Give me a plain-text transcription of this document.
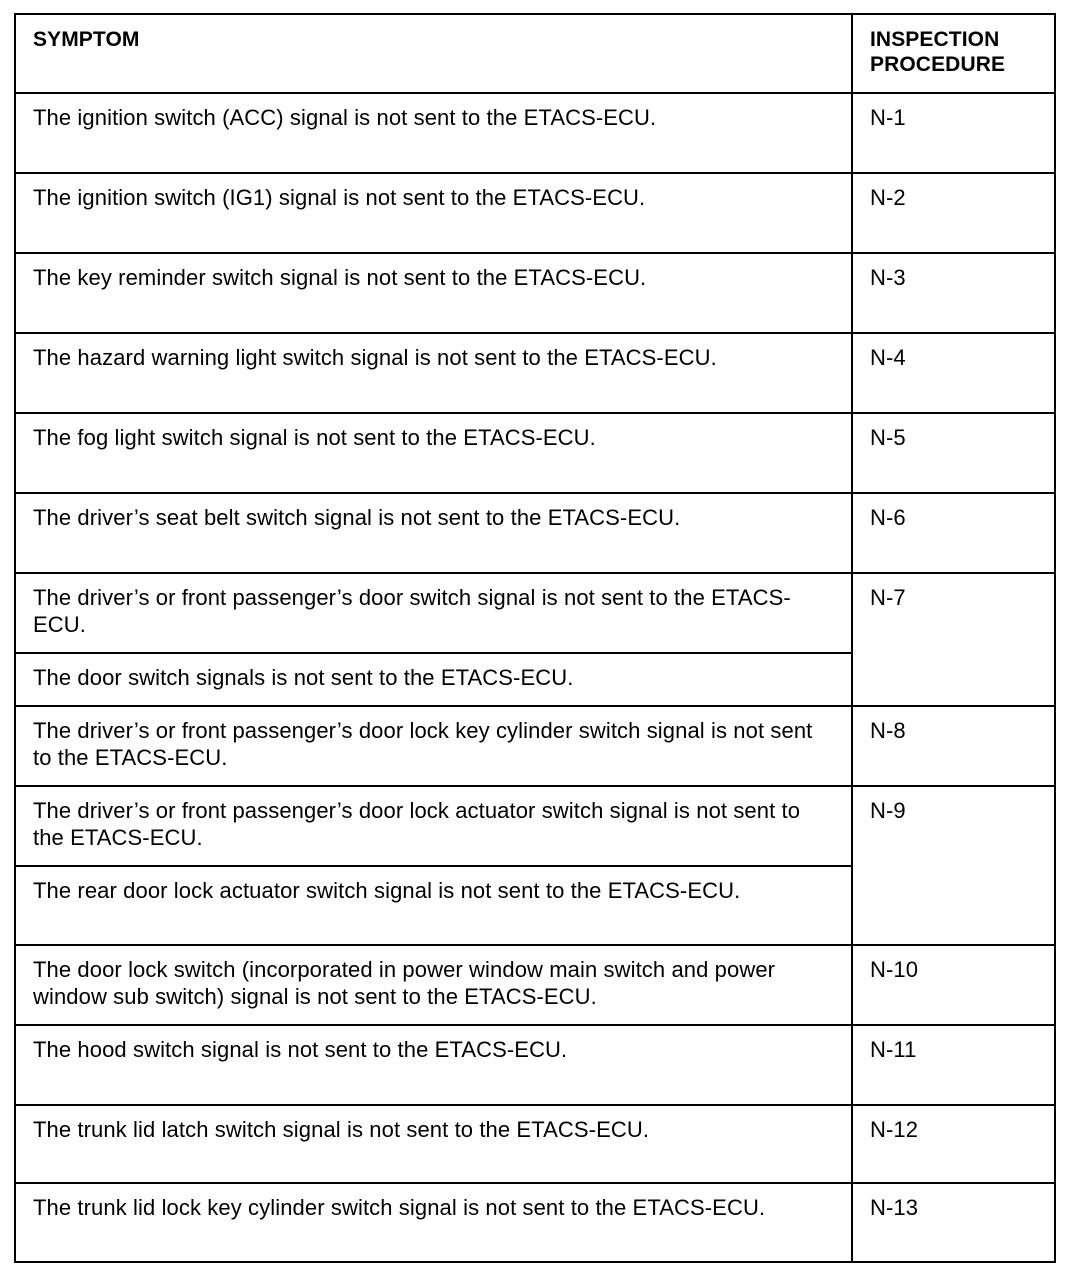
SYMPTOM	INSPECTION
PROCEDURE
The ignition switch (ACC) signal is not sent to the ETACS-ECU.	N-1
The ignition switch (IG1) signal is not sent to the ETACS-ECU.	N-2
The key reminder switch signal is not sent to the ETACS-ECU.	N-3
The hazard warning light switch signal is not sent to the ETACS-ECU.	N-4
The fog light switch signal is not sent to the ETACS-ECU.	N-5
The driver’s seat belt switch signal is not sent to the ETACS-ECU.	N-6
The driver’s or front passenger’s door switch signal is not sent to the ETACS-ECU.	N-7
The door switch signals is not sent to the ETACS-ECU.	
The driver’s or front passenger’s door lock key cylinder switch signal is not sent to the ETACS-ECU.	N-8
The driver’s or front passenger’s door lock actuator switch signal is not sent to the ETACS-ECU.	N-9
The rear door lock actuator switch signal is not sent to the ETACS-ECU.	
The door lock switch (incorporated in power window main switch and power window sub switch) signal is not sent to the ETACS-ECU.	N-10
The hood switch signal is not sent to the ETACS-ECU.	N-11
The trunk lid latch switch signal is not sent to the ETACS-ECU.	N-12
The trunk lid lock key cylinder switch signal is not sent to the ETACS-ECU.	N-13
